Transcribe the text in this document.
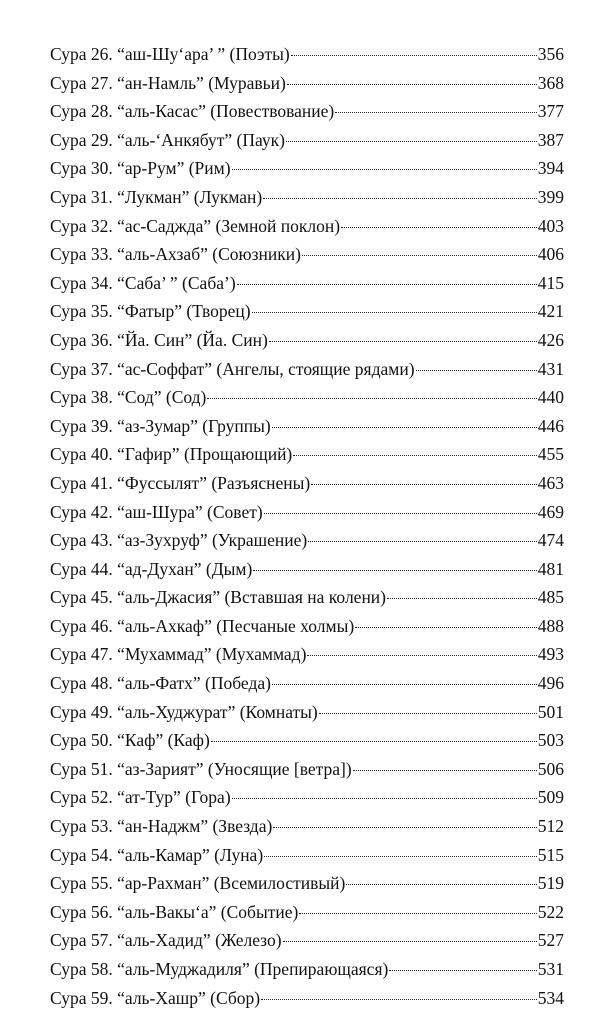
Сура 26. “аш-Шу‘ара’ ” (Поэты)	356
Сура 27. “ан-Намль” (Муравьи)	368
Сура 28. “аль-Касас” (Повествование)	377
Сура 29. “аль-‘Анкябут” (Паук)	387
Сура 30. “ар-Рум” (Рим)	394
Сура 31. “Лукман” (Лукман)	399
Сура 32. “ас-Саджда” (Земной поклон)	403
Сура 33. “аль-Ахзаб” (Союзники)	406
Сура 34. “Саба’ ” (Саба’)	415
Сура 35. “Фатыр” (Творец)	421
Сура 36. “Йа. Син” (Йа. Син)	426
Сура 37. “ас-Соффат” (Ангелы, стоящие рядами)	431
Сура 38. “Сод” (Сод)	440
Сура 39. “аз-Зумар” (Группы)	446
Сура 40. “Гафир” (Прощающий)	455
Сура 41. “Фуссылят” (Разъяснены)	463
Сура 42. “аш-Шура” (Совет)	469
Сура 43. “аз-Зухруф” (Украшение)	474
Сура 44. “ад-Духан” (Дым)	481
Сура 45. “аль-Джасия” (Вставшая на колени)	485
Сура 46. “аль-Ахкаф” (Песчаные холмы)	488
Сура 47. “Мухаммад” (Мухаммад)	493
Сура 48. “аль-Фатх” (Победа)	496
Сура 49. “аль-Худжурат” (Комнаты)	501
Сура 50. “Каф” (Каф)	503
Сура 51. “аз-Зарият” (Уносящие [ветра])	506
Сура 52. “ат-Тур” (Гора)	509
Сура 53. “ан-Наджм” (Звезда)	512
Сура 54. “аль-Камар” (Луна)	515
Сура 55. “ар-Рахман” (Всемилостивый)	519
Сура 56. “аль-Вакы‘а” (Событие)	522
Сура 57. “аль-Хадид” (Железо)	527
Сура 58. “аль-Муджадиля” (Препирающаяся)	531
Сура 59. “аль-Хашр” (Сбор)	534
